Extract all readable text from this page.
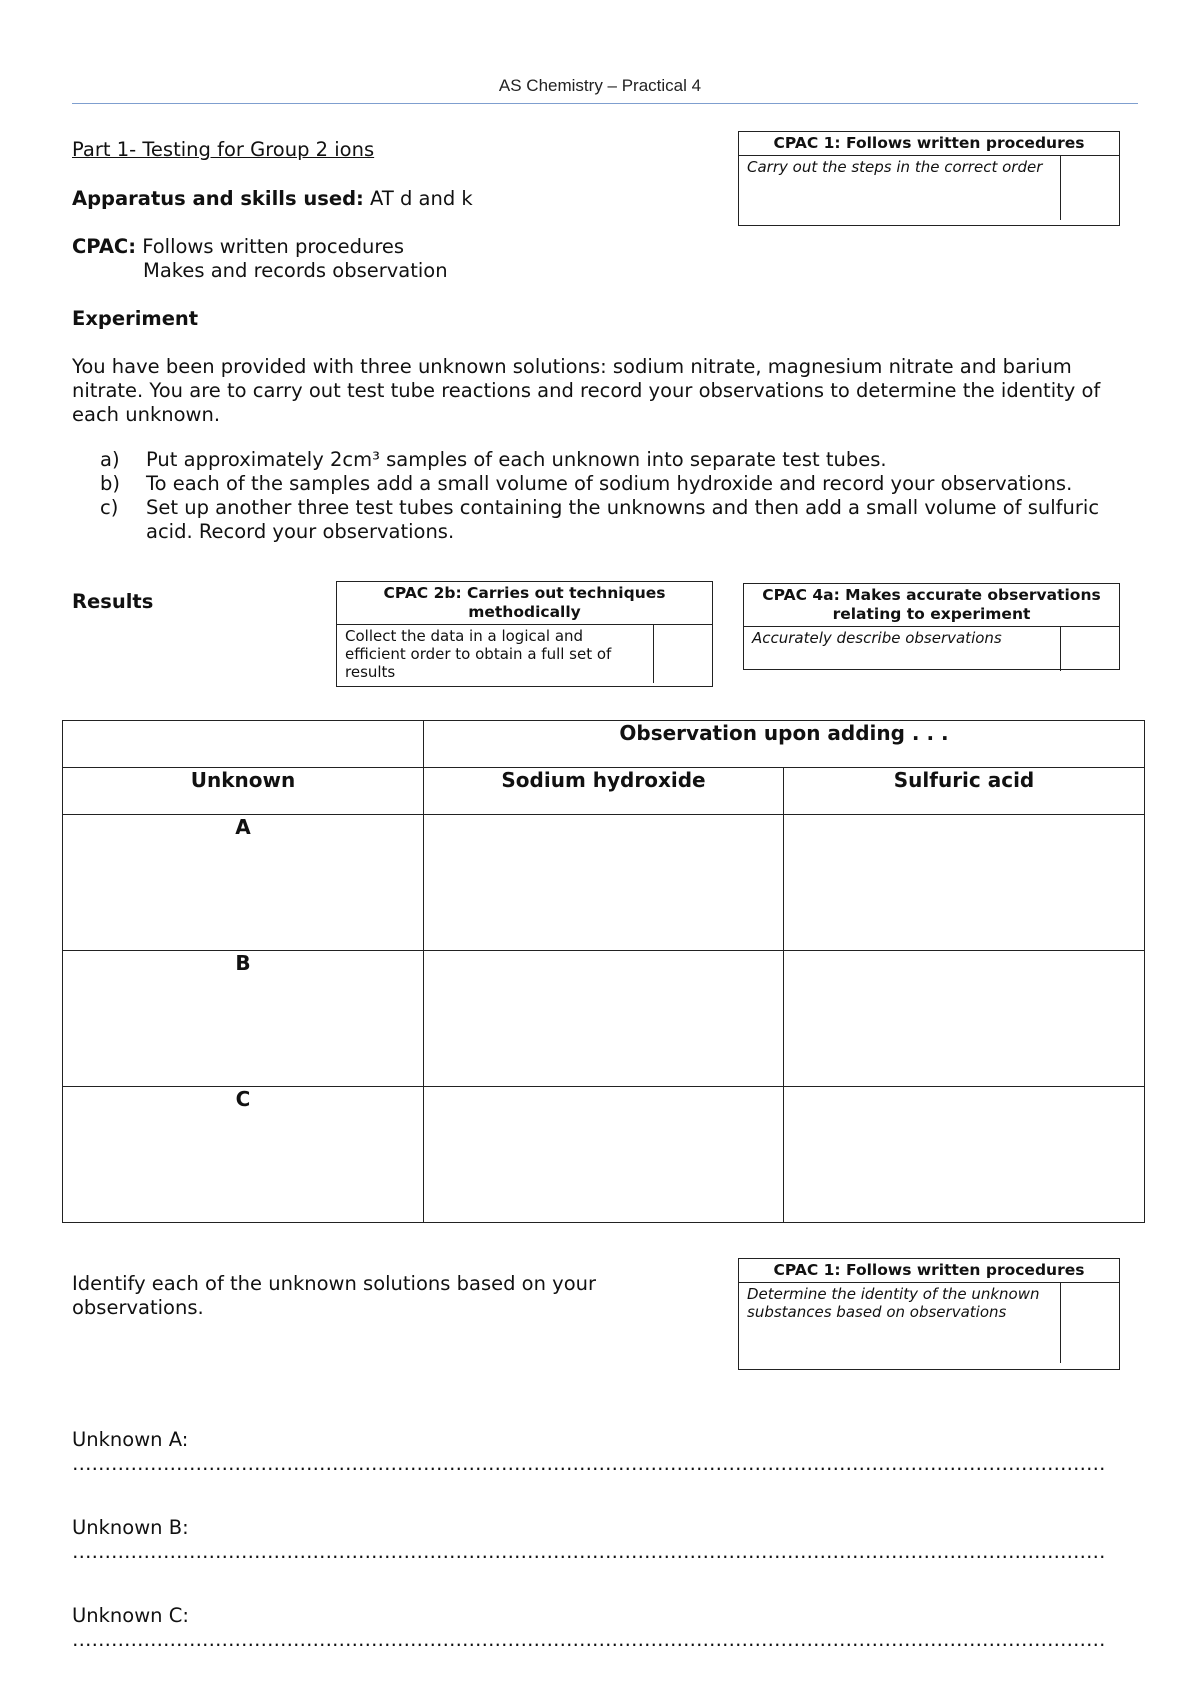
AS Chemistry – Practical 4
Part 1- Testing for Group 2 ions
Apparatus and skills used: AT d and k
CPAC: Follows written procedures
Makes and records observation
CPAC 1: Follows written procedures
Carry out the steps in the correct order
Experiment
You have been provided with three unknown solutions: sodium nitrate, magnesium nitrate and barium nitrate. You are to carry out test tube reactions and record your observations to determine the identity of each unknown.
a)	Put approximately 2cm³ samples of each unknown into separate test tubes.
b)	To each of the samples add a small volume of sodium hydroxide and record your observations.
c)	Set up another three test tubes containing the unknowns and then add a small volume of sulfuric acid. Record your observations.
Results	CPAC 2b: Carries out techniques methodically
Collect the data in a logical and efficient order to obtain a full set of results
CPAC 4a: Makes accurate observations relating to experiment
Accurately describe observations
	Observation upon adding . . .	
Unknown	Sodium hydroxide	Sulfuric acid
A		
B		
C		
Identify each of the unknown solutions based on your observations.
CPAC 1: Follows written procedures
Determine the identity of the unknown substances based on observations
Unknown A: ……………………………………………………………………………………………………………………………………………
Unknown B: ……………………………………………………………………………………………………………………………………………
Unknown C: ……………………………………………………………………………………………………………………………………………
